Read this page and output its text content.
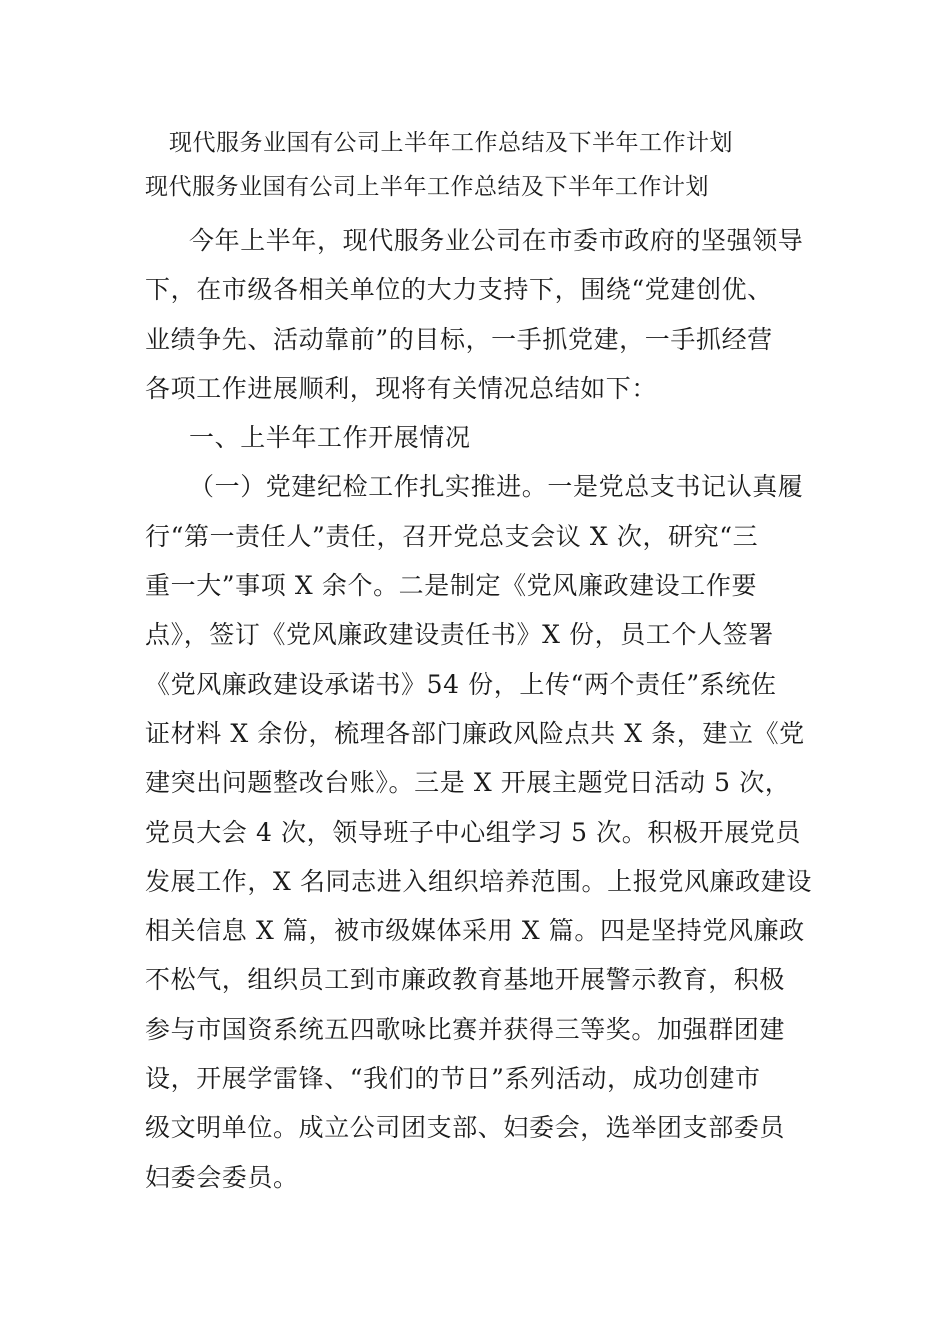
现代服务业国有公司上半年工作总结及下半年工作计划
现代服务业国有公司上半年工作总结及下半年工作计划
今年上半年，现代服务业公司在市委市政府的坚强领导
下，在市级各相关单位的大力支持下，围绕“党建创优、
业绩争先、活动靠前”的目标，一手抓党建，一手抓经营
各项工作进展顺利，现将有关情况总结如下：
一、上半年工作开展情况
（一）党建纪检工作扎实推进。一是党总支书记认真履
行“第一责任人”责任，召开党总支会议 X 次，研究“三
重一大”事项 X 余个。二是制定《党风廉政建设工作要
点》，签订《党风廉政建设责任书》X 份，员工个人签署
《党风廉政建设承诺书》54 份，上传“两个责任”系统佐
证材料 X 余份，梳理各部门廉政风险点共 X 条，建立《党
建突出问题整改台账》。三是 X 开展主题党日活动 5 次，
党员大会 4 次，领导班子中心组学习 5 次。积极开展党员
发展工作，X 名同志进入组织培养范围。上报党风廉政建设
相关信息 X 篇，被市级媒体采用 X 篇。四是坚持党风廉政
不松气，组织员工到市廉政教育基地开展警示教育，积极
参与市国资系统五四歌咏比赛并获得三等奖。加强群团建
设，开展学雷锋、“我们的节日”系列活动，成功创建市
级文明单位。成立公司团支部、妇委会，选举团支部委员
妇委会委员。
